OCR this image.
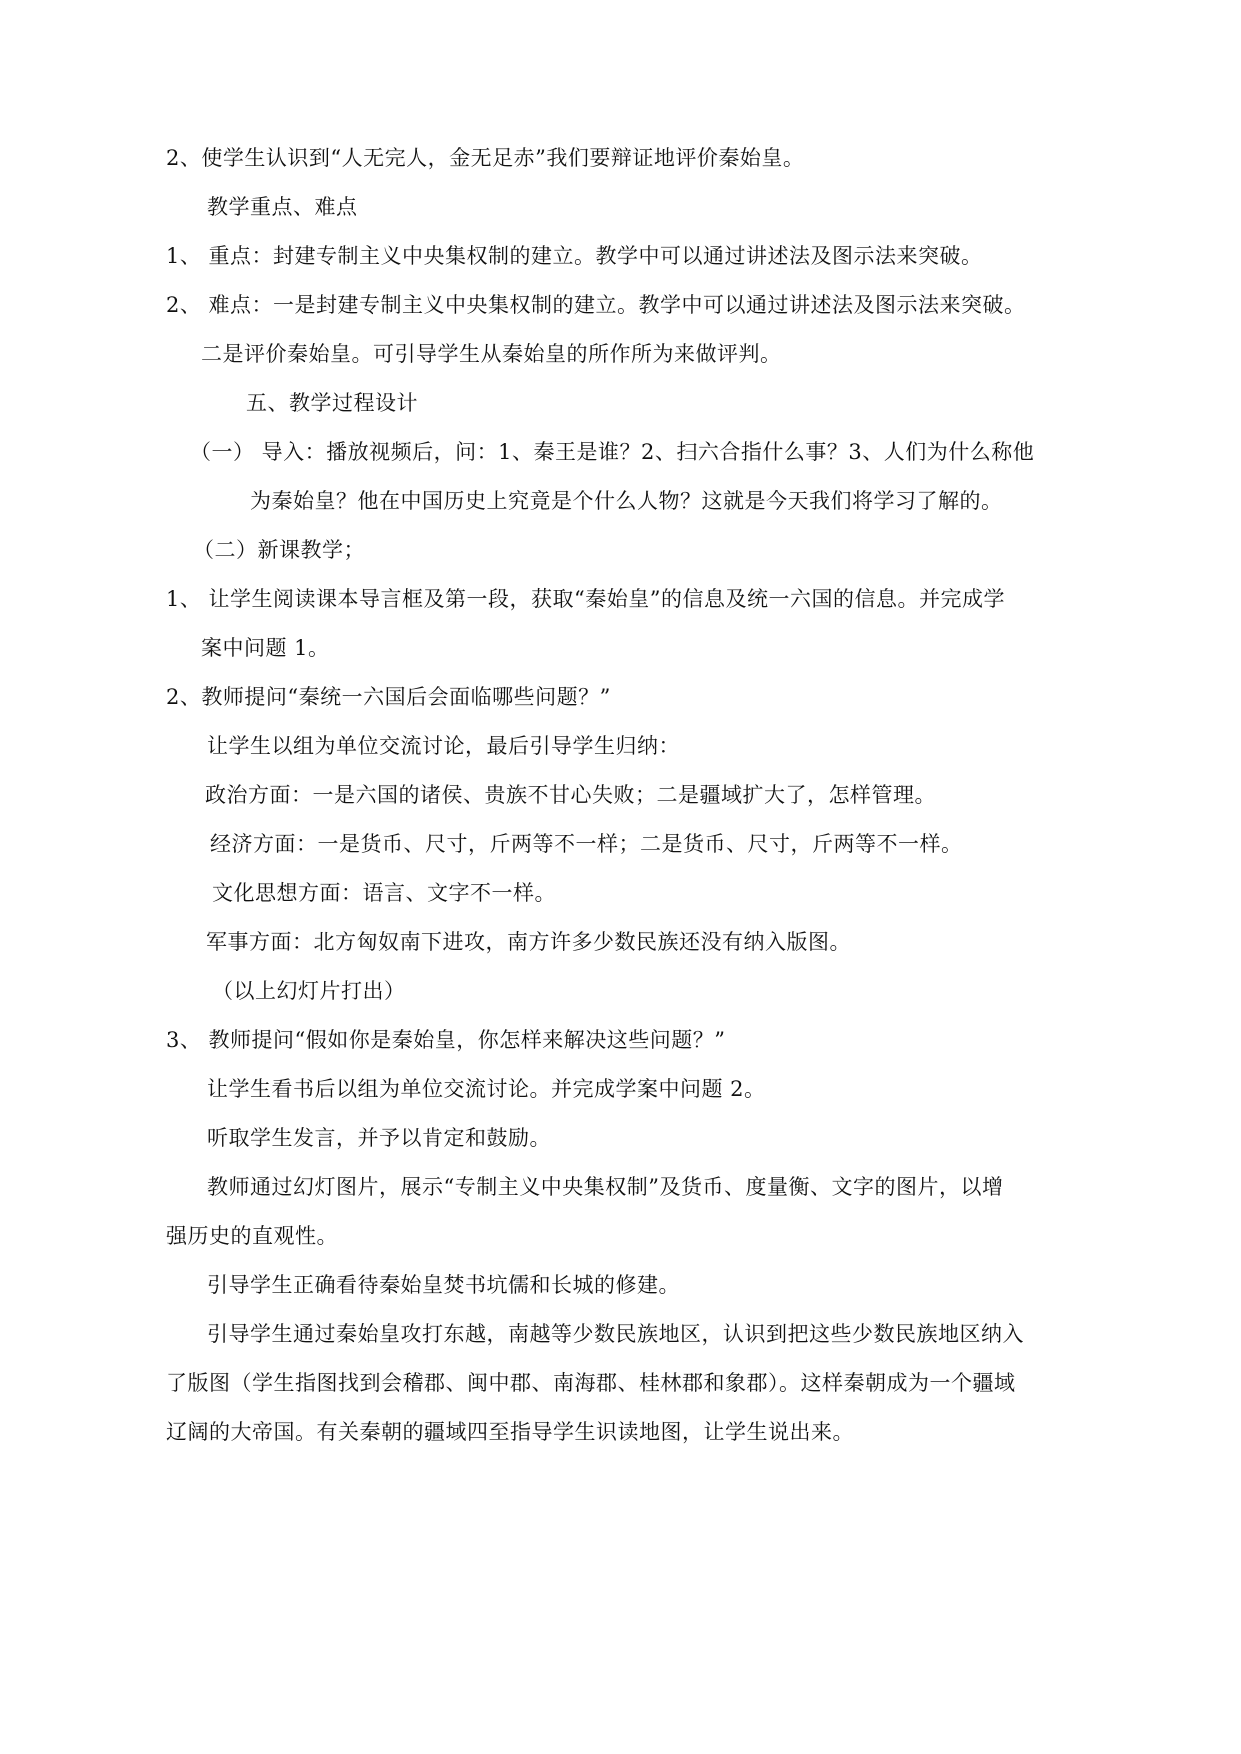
2、使学生认识到“人无完人，金无足赤”我们要辩证地评价秦始皇。
教学重点、难点
1、 重点：封建专制主义中央集权制的建立。教学中可以通过讲述法及图示法来突破。
2、 难点：一是封建专制主义中央集权制的建立。教学中可以通过讲述法及图示法来突破。
二是评价秦始皇。可引导学生从秦始皇的所作所为来做评判。
五、教学过程设计
（一） 导入：播放视频后，问：1、秦王是谁？2、扫六合指什么事？3、人们为什么称他
为秦始皇？他在中国历史上究竟是个什么人物？这就是今天我们将学习了解的。
（二）新课教学；
1、 让学生阅读课本导言框及第一段，获取“秦始皇”的信息及统一六国的信息。并完成学
案中问题 1。
2、教师提问“秦统一六国后会面临哪些问题？”
让学生以组为单位交流讨论，最后引导学生归纳：
政治方面：一是六国的诸侯、贵族不甘心失败；二是疆域扩大了，怎样管理。
经济方面：一是货币、尺寸，斤两等不一样；二是货币、尺寸，斤两等不一样。
文化思想方面：语言、文字不一样。
军事方面：北方匈奴南下进攻，南方许多少数民族还没有纳入版图。
（以上幻灯片打出）
3、 教师提问“假如你是秦始皇，你怎样来解决这些问题？”
让学生看书后以组为单位交流讨论。并完成学案中问题 2。
听取学生发言，并予以肯定和鼓励。
教师通过幻灯图片，展示“专制主义中央集权制”及货币、度量衡、文字的图片，以增
强历史的直观性。
引导学生正确看待秦始皇焚书坑儒和长城的修建。
引导学生通过秦始皇攻打东越，南越等少数民族地区，认识到把这些少数民族地区纳入
了版图（学生指图找到会稽郡、闽中郡、南海郡、桂林郡和象郡）。这样秦朝成为一个疆域
辽阔的大帝国。有关秦朝的疆域四至指导学生识读地图，让学生说出来。
